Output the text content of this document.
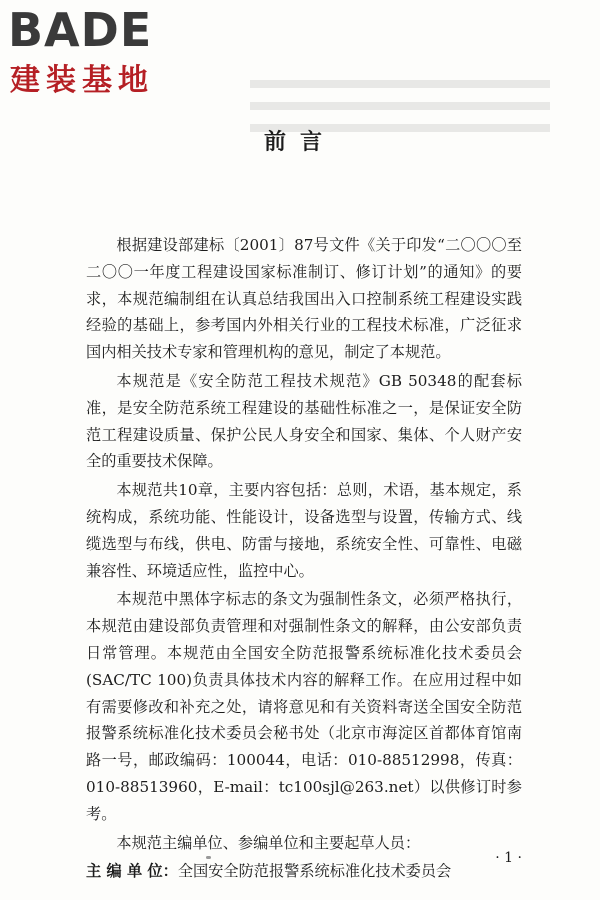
BADE
建装基地
前言

根据建设部建标〔2001〕87号文件《关于印发“二〇〇〇至二〇〇一年度工程建设国家标准制订、修订计划”的通知》的要求，本规范编制组在认真总结我国出入口控制系统工程建设实践经验的基础上，参考国内外相关行业的工程技术标准，广泛征求国内相关技术专家和管理机构的意见，制定了本规范。

本规范是《安全防范工程技术规范》GB 50348的配套标准，是安全防范系统工程建设的基础性标准之一，是保证安全防范工程建设质量、保护公民人身安全和国家、集体、个人财产安全的重要技术保障。

本规范共10章，主要内容包括：总则，术语，基本规定，系统构成，系统功能、性能设计，设备选型与设置，传输方式、线缆选型与布线，供电、防雷与接地，系统安全性、可靠性、电磁兼容性、环境适应性，监控中心。

本规范中黑体字标志的条文为强制性条文，必须严格执行，本规范由建设部负责管理和对强制性条文的解释，由公安部负责日常管理。本规范由全国安全防范报警系统标准化技术委员会(SAC/TC 100)负责具体技术内容的解释工作。在应用过程中如有需要修改和补充之处，请将意见和有关资料寄送全国安全防范报警系统标准化技术委员会秘书处（北京市海淀区首都体育馆南路一号，邮政编码：100044，电话：010-88512998，传真：010-88513960，E-mail：tc100sjl@263.net）以供修订时参考。

本规范主编单位、参编单位和主要起草人员：

主 编 单 位：全国安全防范报警系统标准化技术委员会

· 1 ·
